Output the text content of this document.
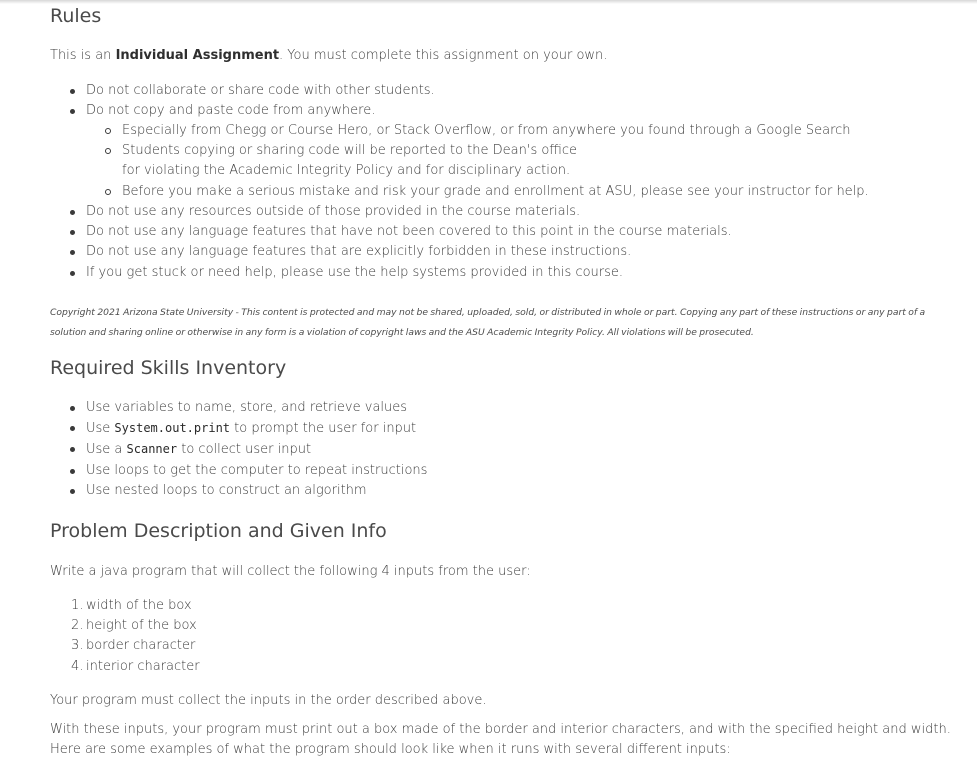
Rules

This is an Individual Assignment. You must complete this assignment on your own.

Do not collaborate or share code with other students.
Do not copy and paste code from anywhere.
Especially from Chegg or Course Hero, or Stack Overflow, or from anywhere you found through a Google Search
Students copying or sharing code will be reported to the Dean's office
for violating the Academic Integrity Policy and for disciplinary action.
Before you make a serious mistake and risk your grade and enrollment at ASU, please see your instructor for help.
Do not use any resources outside of those provided in the course materials.
Do not use any language features that have not been covered to this point in the course materials.
Do not use any language features that are explicitly forbidden in these instructions.
If you get stuck or need help, please use the help systems provided in this course.
Copyright 2021 Arizona State University - This content is protected and may not be shared, uploaded, sold, or distributed in whole or part. Copying any part of these instructions or any part of a solution and sharing online or otherwise in any form is a violation of copyright laws and the ASU Academic Integrity Policy. All violations will be prosecuted.
Required Skills Inventory
Use variables to name, store, and retrieve values
Use System.out.print to prompt the user for input
Use a Scanner to collect user input
Use loops to get the computer to repeat instructions
Use nested loops to construct an algorithm
Problem Description and Given Info

Write a java program that will collect the following 4 inputs from the user:

1. width of the box
2. height of the box
3. border character
4. interior character

Your program must collect the inputs in the order described above.

With these inputs, your program must print out a box made of the border and interior characters, and with the specified height and width.

Here are some examples of what the program should look like when it runs with several different inputs:
